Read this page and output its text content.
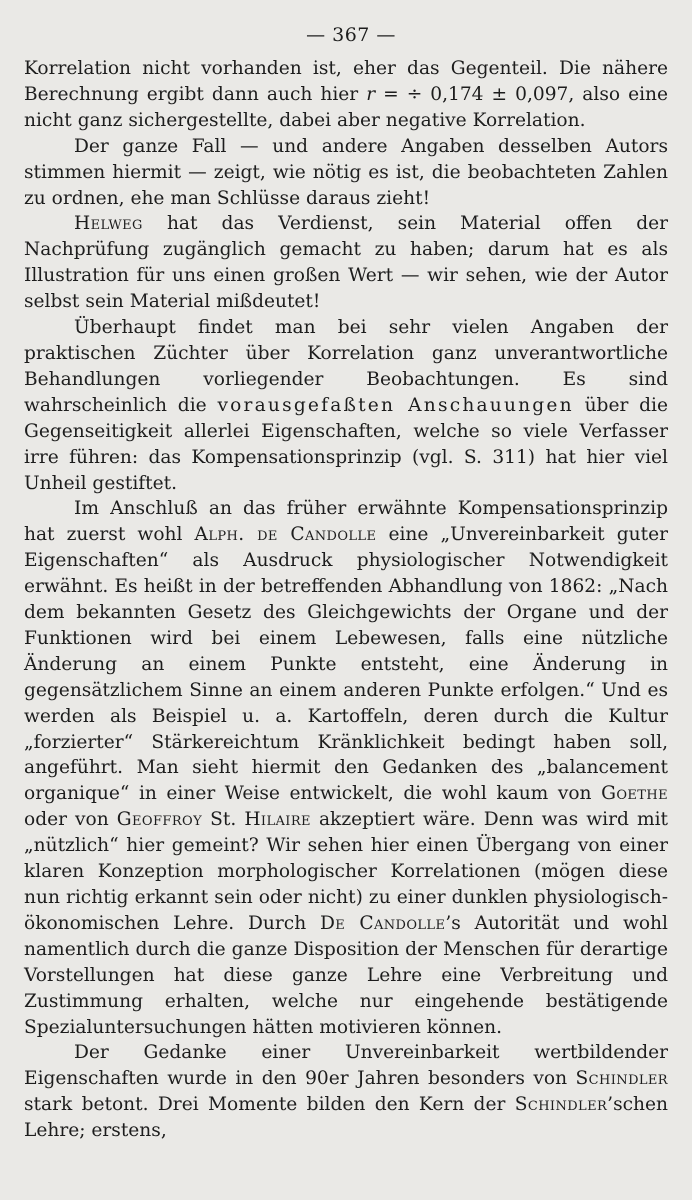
— 367 —

Korrelation nicht vorhanden ist, eher das Gegenteil. Die nähere Berechnung ergibt dann auch hier r = ÷ 0,174 ± 0,097, also eine nicht ganz sichergestellte, dabei aber negative Korrelation.

Der ganze Fall — und andere Angaben desselben Autors stimmen hiermit — zeigt, wie nötig es ist, die beobachteten Zahlen zu ordnen, ehe man Schlüsse daraus zieht!

Helweg hat das Verdienst, sein Material offen der Nachprüfung zugänglich gemacht zu haben; darum hat es als Illustration für uns einen großen Wert — wir sehen, wie der Autor selbst sein Material mißdeutet!

Überhaupt findet man bei sehr vielen Angaben der praktischen Züchter über Korrelation ganz unverantwortliche Behandlungen vorliegender Beobachtungen. Es sind wahrscheinlich die vorausgefaßten Anschauungen über die Gegenseitigkeit allerlei Eigenschaften, welche so viele Verfasser irre führen: das Kompensationsprinzip (vgl. S. 311) hat hier viel Unheil gestiftet.

Im Anschluß an das früher erwähnte Kompensationsprinzip hat zuerst wohl Alph. de Candolle eine „Unvereinbarkeit guter Eigenschaften“ als Ausdruck physiologischer Notwendigkeit erwähnt. Es heißt in der betreffenden Abhandlung von 1862: „Nach dem bekannten Gesetz des Gleichgewichts der Organe und der Funktionen wird bei einem Lebewesen, falls eine nützliche Änderung an einem Punkte entsteht, eine Änderung in gegensätzlichem Sinne an einem anderen Punkte erfolgen.“ Und es werden als Beispiel u. a. Kartoffeln, deren durch die Kultur „forzierter“ Stärkereichtum Kränklichkeit bedingt haben soll, angeführt. Man sieht hiermit den Gedanken des „balancement organique“ in einer Weise entwickelt, die wohl kaum von Goethe oder von Geoffroy St. Hilaire akzeptiert wäre. Denn was wird mit „nützlich“ hier gemeint? Wir sehen hier einen Übergang von einer klaren Konzeption morphologischer Korrelationen (mögen diese nun richtig erkannt sein oder nicht) zu einer dunklen physiologisch-ökonomischen Lehre. Durch De Candolle’s Autorität und wohl namentlich durch die ganze Disposition der Menschen für derartige Vorstellungen hat diese ganze Lehre eine Verbreitung und Zustimmung erhalten, welche nur eingehende bestätigende Spezialuntersuchungen hätten motivieren können.

Der Gedanke einer Unvereinbarkeit wertbildender Eigenschaften wurde in den 90er Jahren besonders von Schindler stark betont. Drei Momente bilden den Kern der Schindler’schen Lehre; erstens,
